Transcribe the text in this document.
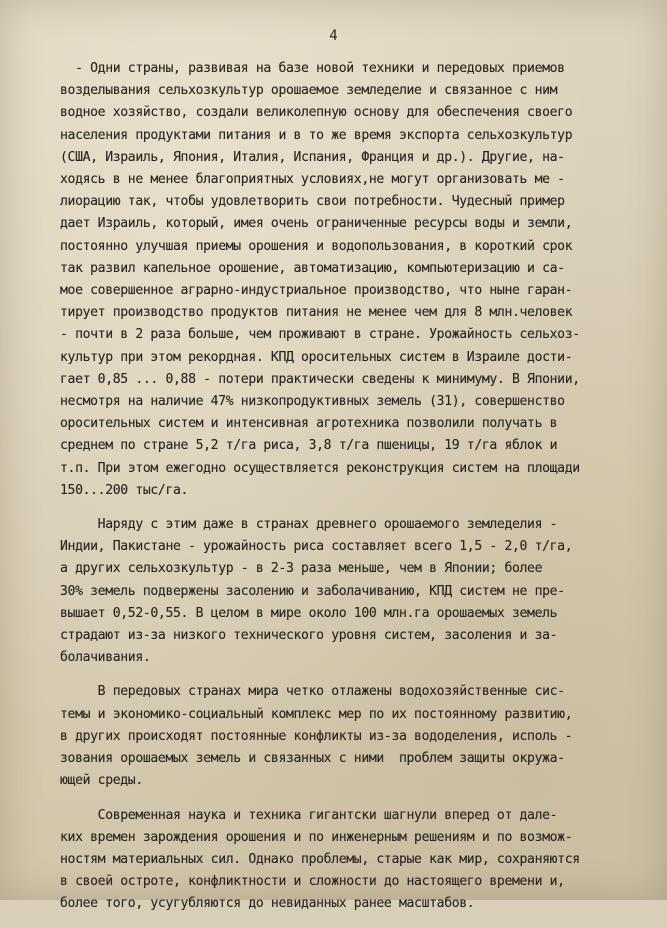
4
- Одни страны, развивая на базе новой техники и передовых приемов
возделывания сельхозкультур орошаемое земледелие и связанное с ним
водное хозяйство, создали великолепную основу для обеспечения своего
населения продуктами питания и в то же время экспорта сельхозкультур
(США, Израиль, Япония, Италия, Испания, Франция и др.). Другие, на-
ходясь в не менее благоприятных условиях,не могут организовать ме -
лиорацию так, чтобы удовлетворить свои потребности. Чудесный пример
дает Израиль, который, имея очень ограниченные ресурсы воды и земли,
постоянно улучшая приемы орошения и водопользования, в короткий срок
так развил капельное орошение, автоматизацию, компьютеризацию и са-
мое совершенное аграрно-индустриальное производство, что ныне гаран-
тирует производство продуктов питания не менее чем для 8 млн.человек
- почти в 2 раза больше, чем проживают в стране. Урожайность сельхоз-
культур при этом рекордная. КПД оросительных систем в Израиле дости-
гает 0,85 ... 0,88 - потери практически сведены к минимуму. В Японии,
несмотря на наличие 47% низкопродуктивных земель (31), совершенство
оросительных систем и интенсивная агротехника позволили получать в
среднем по стране 5,2 т/га риса, 3,8 т/га пшеницы, 19 т/га яблок и
т.п. При этом ежегодно осуществляется реконструкция систем на площади
150...200 тыс/га.
Наряду с этим даже в странах древнего орошаемого земледелия -
Индии, Пакистане - урожайность риса составляет всего 1,5 - 2,0 т/га,
а других сельхозкультур - в 2-3 раза меньше, чем в Японии; более
30% земель подвержены засолению и заболачиванию, КПД систем не пре-
вышает 0,52-0,55. В целом в мире около 100 млн.га орошаемых земель
страдают из-за низкого технического уровня систем, засоления и за-
болачивания.
В передовых странах мира четко отлажены водохозяйственные сис-
темы и экономико-социальный комплекс мер по их постоянному развитию,
в других происходят постоянные конфликты из-за вододеления, исполь -
зования орошаемых земель и связанных с ними  проблем защиты окружа-
ющей среды.
Современная наука и техника гигантски шагнули вперед от дале-
ких времен зарождения орошения и по инженерным решениям и по возмож-
ностям материальных сил. Однако проблемы, старые как мир, сохраняются
в своей остроте, конфликтности и сложности до настоящего времени и,
более того, усугубляются до невиданных ранее масштабов.
